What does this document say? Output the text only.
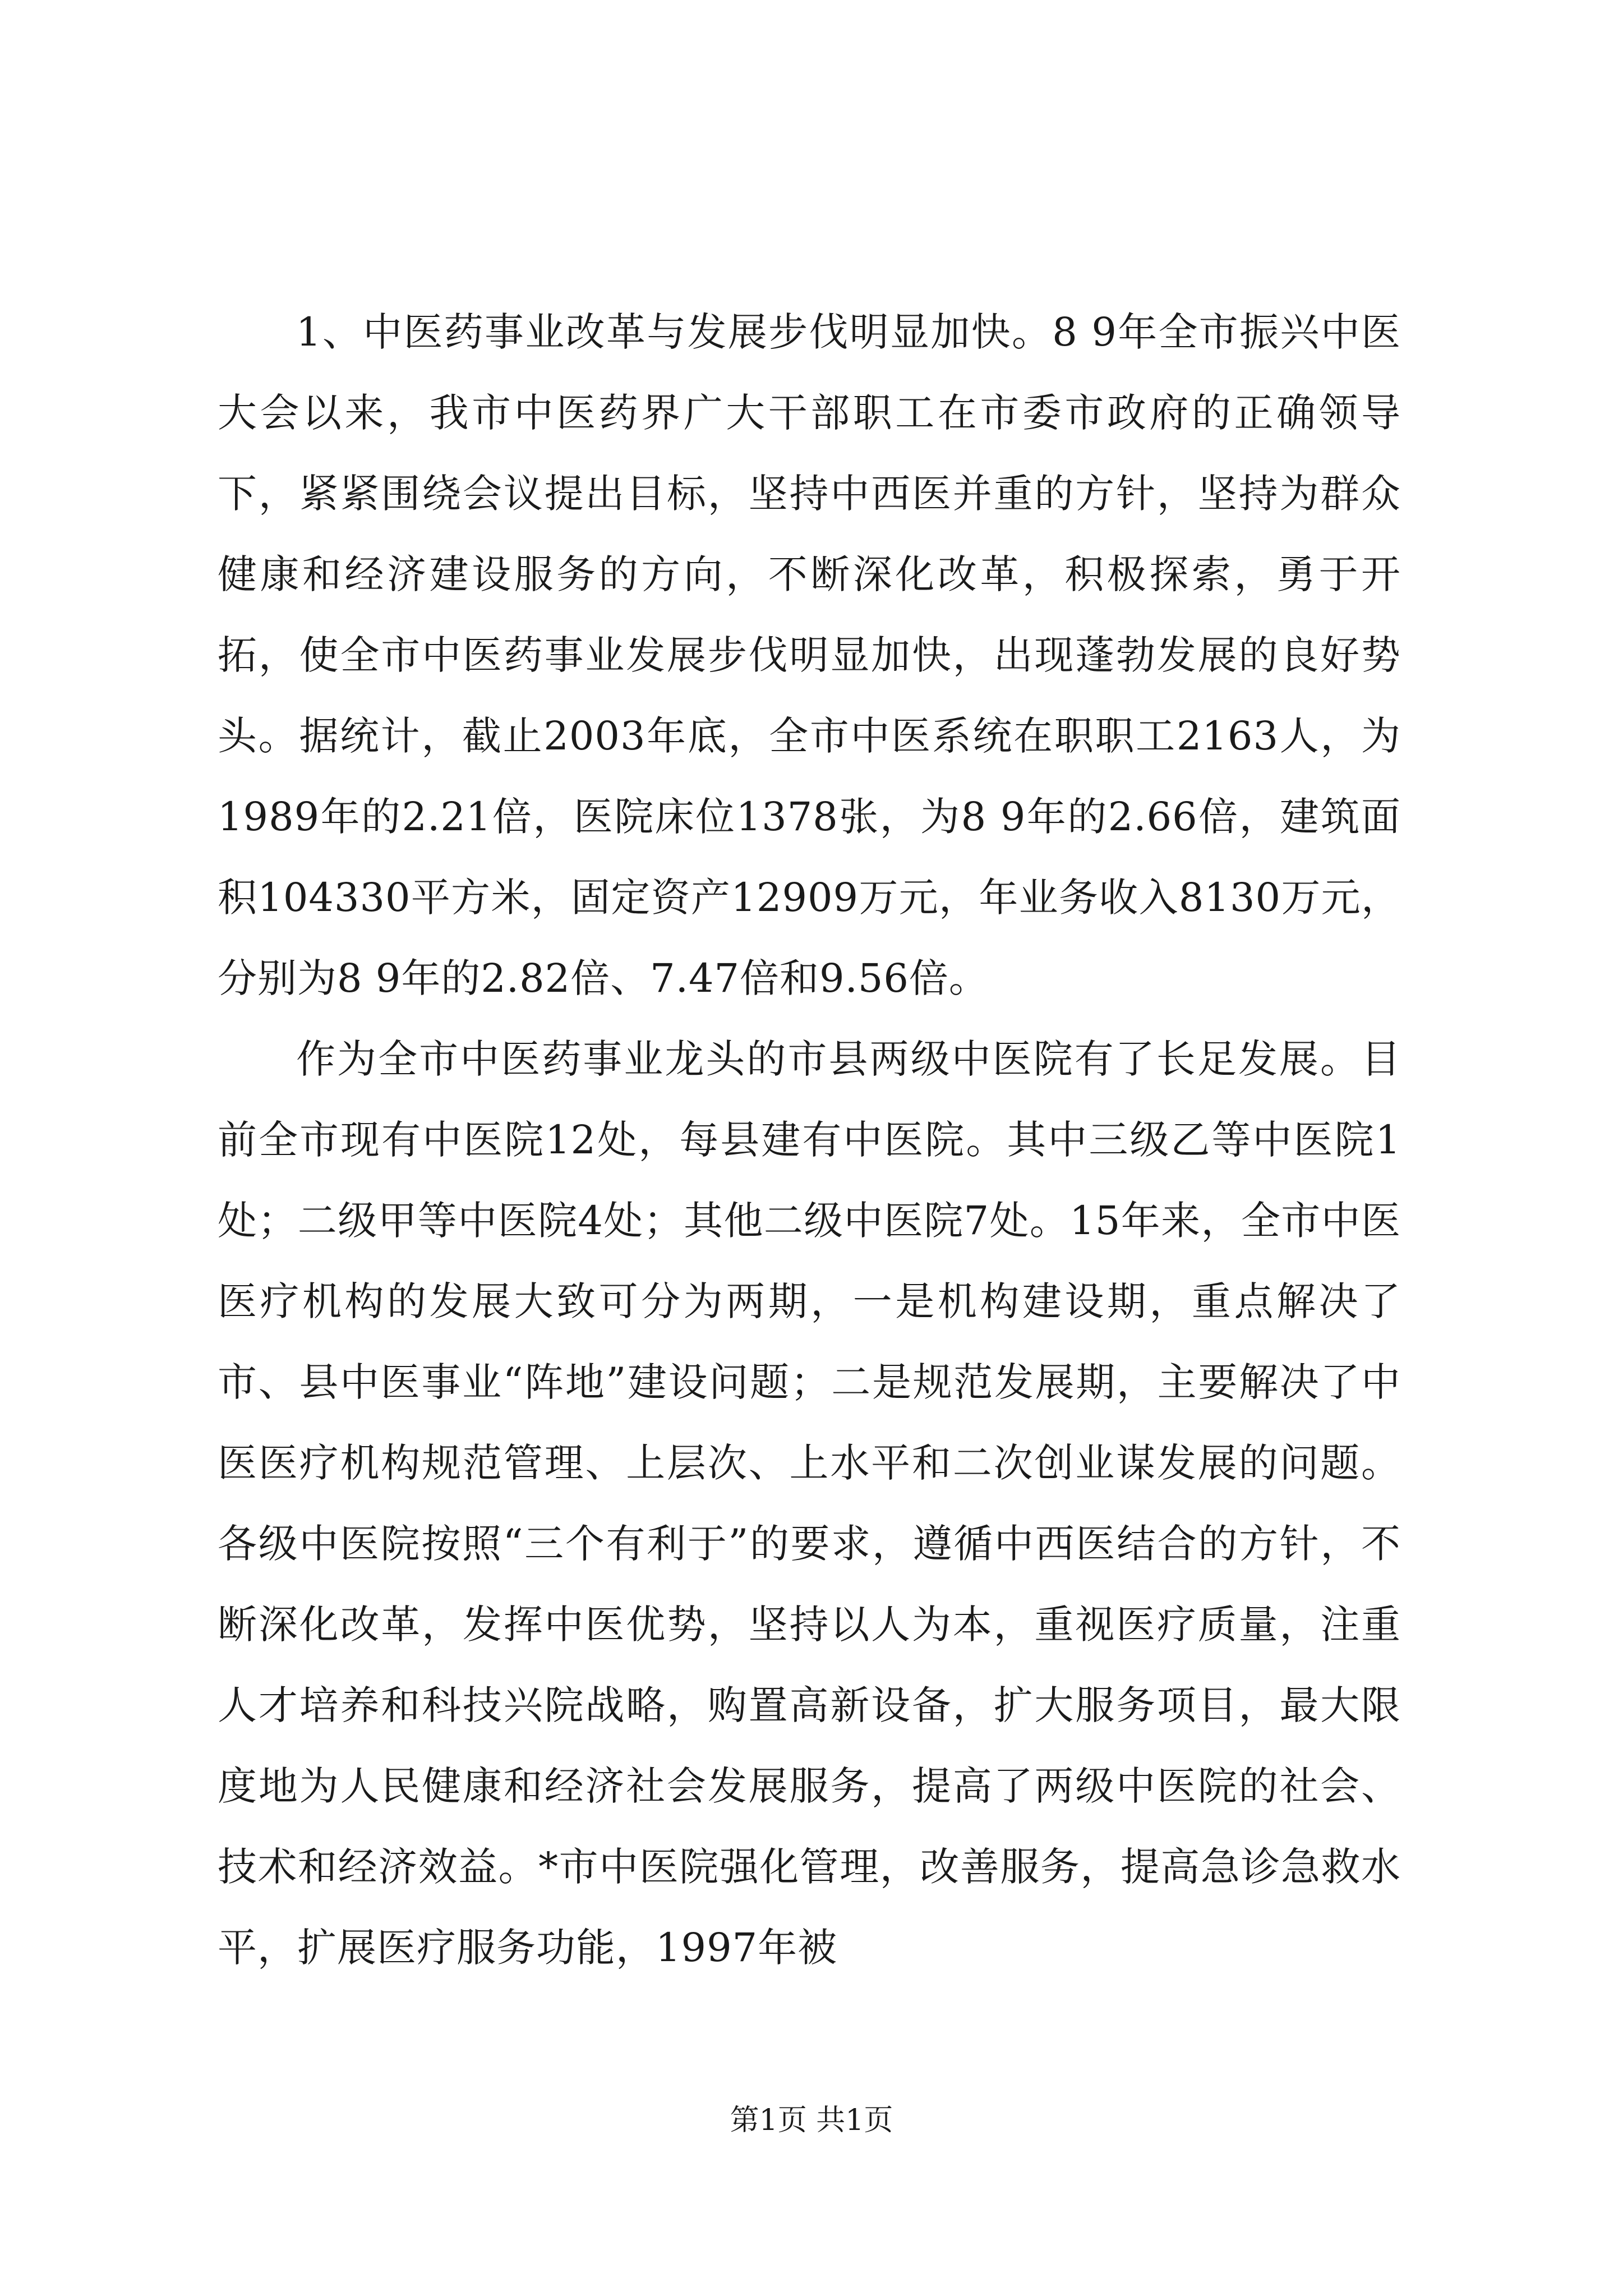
1、中医药事业改革与发展步伐明显加快。8 9年全市振兴中医大会以来，我市中医药界广大干部职工在市委市政府的正确领导下，紧紧围绕会议提出目标，坚持中西医并重的方针，坚持为群众健康和经济建设服务的方向，不断深化改革，积极探索，勇于开拓，使全市中医药事业发展步伐明显加快，出现蓬勃发展的良好势头。据统计，截止2003年底，全市中医系统在职职工2163人，为1989年的2.21倍，医院床位1378张，为8 9年的2.66倍，建筑面积104330平方米，固定资产12909万元，年业务收入8130万元，分别为8 9年的2.82倍、7.47倍和9.56倍。

作为全市中医药事业龙头的市县两级中医院有了长足发展。目前全市现有中医院12处，每县建有中医院。其中三级乙等中医院1处；二级甲等中医院4处；其他二级中医院7处。15年来，全市中医医疗机构的发展大致可分为两期，一是机构建设期，重点解决了市、县中医事业“阵地”建设问题；二是规范发展期，主要解决了中医医疗机构规范管理、上层次、上水平和二次创业谋发展的问题。各级中医院按照“三个有利于”的要求，遵循中西医结合的方针，不断深化改革，发挥中医优势，坚持以人为本，重视医疗质量，注重人才培养和科技兴院战略，购置高新设备，扩大服务项目，最大限度地为人民健康和经济社会发展服务，提高了两级中医院的社会、技术和经济效益。*市中医院强化管理，改善服务，提高急诊急救水平，扩展医疗服务功能，1997年被

第1页 共1页
